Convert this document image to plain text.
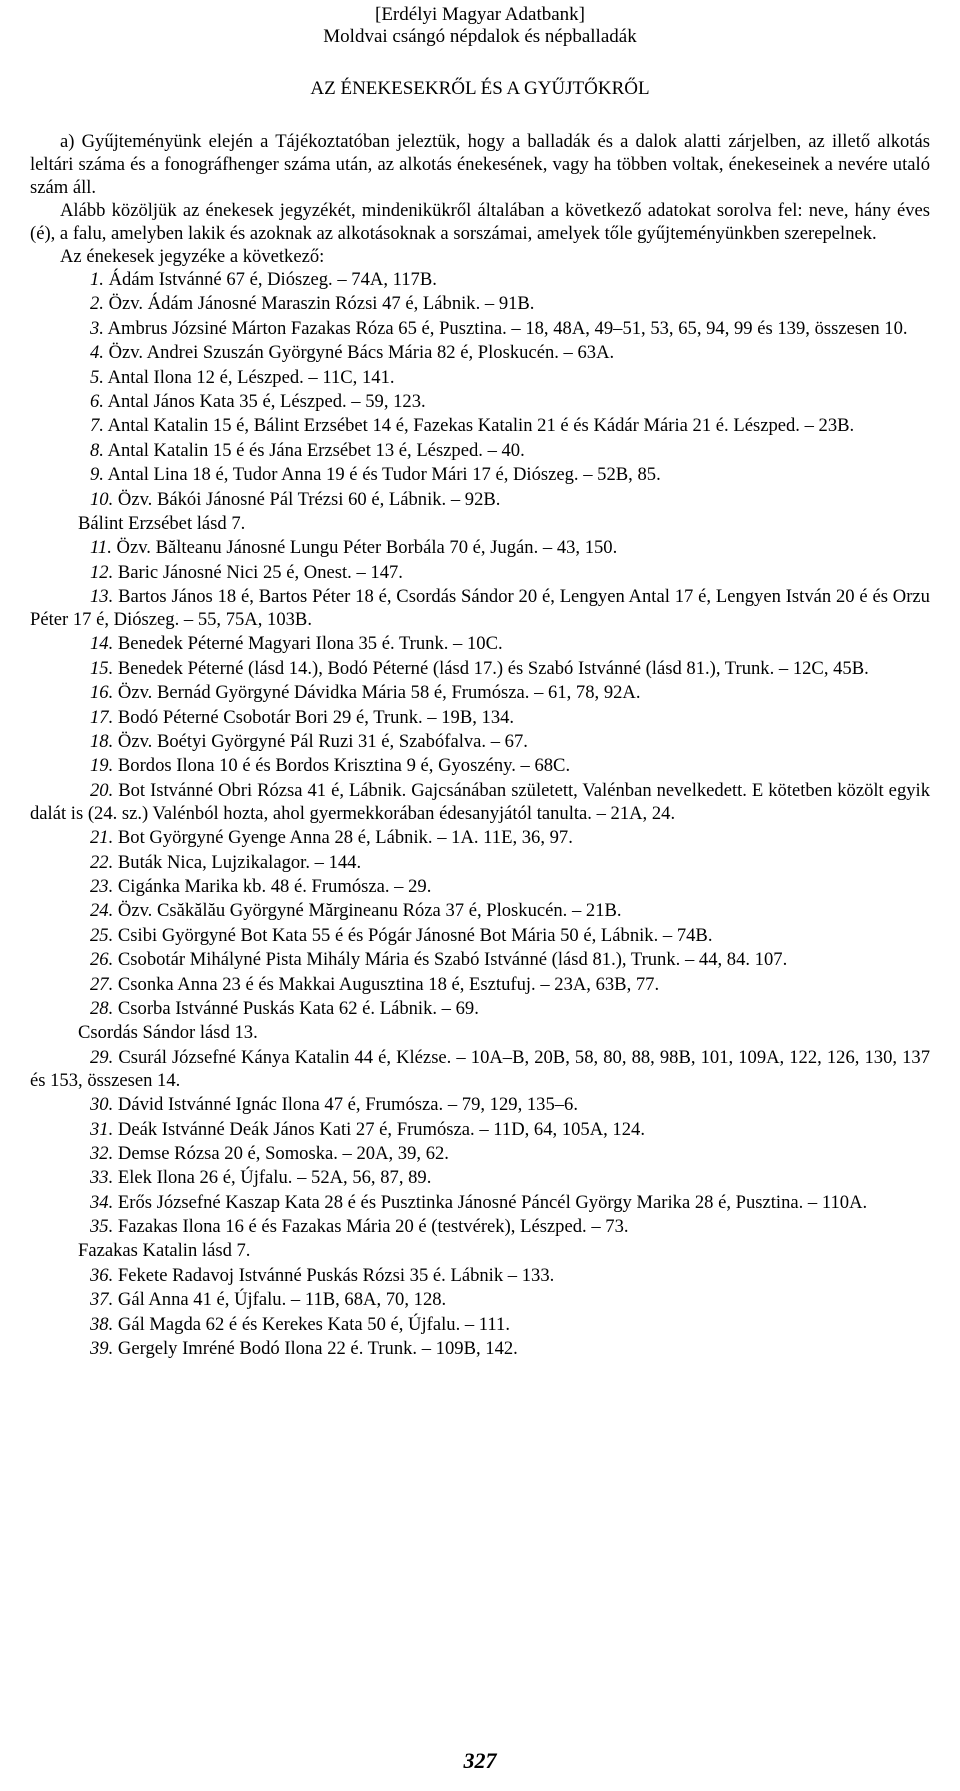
[Erdélyi Magyar Adatbank]
Moldvai csángó népdalok és népballadák
AZ ÉNEKESEKRŐL ÉS A GYŰJTŐKRŐL

a) Gyűjteményünk elején a Tájékoztatóban jeleztük, hogy a balladák és a dalok alatti zárjelben, az illető alkotás leltári száma és a fonográfhenger száma után, az alkotás énekesének, vagy ha többen voltak, énekeseinek a nevére utaló szám áll.

Alább közöljük az énekesek jegyzékét, mindenikükről általában a következő adatokat sorolva fel: neve, hány éves (é), a falu, amelyben lakik és azoknak az alkotásoknak a sorszámai, amelyek tőle gyűjteményünkben szerepelnek.

Az énekesek jegyzéke a következő:

1. Ádám Istvánné 67 é, Diószeg. – 74A, 117B.

2. Özv. Ádám Jánosné Maraszin Rózsi 47 é, Lábnik. – 91B.

3. Ambrus Józsiné Márton Fazakas Róza 65 é, Pusztina. – 18, 48A, 49–51, 53, 65, 94, 99 és 139, összesen 10.

4. Özv. Andrei Szuszán Györgyné Bács Mária 82 é, Ploskucén. – 63A.

5. Antal Ilona 12 é, Lészped. – 11C, 141.

6. Antal János Kata 35 é, Lészped. – 59, 123.

7. Antal Katalin 15 é, Bálint Erzsébet 14 é, Fazekas Katalin 21 é és Kádár Mária 21 é. Lészped. – 23B.

8. Antal Katalin 15 é és Jána Erzsébet 13 é, Lészped. – 40.

9. Antal Lina 18 é, Tudor Anna 19 é és Tudor Mári 17 é, Diószeg. – 52B, 85.

10. Özv. Bákói Jánosné Pál Trézsi 60 é, Lábnik. – 92B.

Bálint Erzsébet lásd 7.

11. Özv. Bălteanu Jánosné Lungu Péter Borbála 70 é, Jugán. – 43, 150.

12. Baric Jánosné Nici 25 é, Onest. – 147.

13. Bartos János 18 é, Bartos Péter 18 é, Csordás Sándor 20 é, Lengyen Antal 17 é, Lengyen István 20 é és Orzu Péter 17 é, Diószeg. – 55, 75A, 103B.

14. Benedek Péterné Magyari Ilona 35 é. Trunk. – 10C.

15. Benedek Péterné (lásd 14.), Bodó Péterné (lásd 17.) és Szabó Istvánné (lásd 81.), Trunk. – 12C, 45B.

16. Özv. Bernád Györgyné Dávidka Mária 58 é, Frumósza. – 61, 78, 92A.

17. Bodó Péterné Csobotár Bori 29 é, Trunk. – 19B, 134.

18. Özv. Boétyi Györgyné Pál Ruzi 31 é, Szabófalva. – 67.

19. Bordos Ilona 10 é és Bordos Krisztina 9 é, Gyoszény. – 68C.

20. Bot Istvánné Obri Rózsa 41 é, Lábnik. Gajcsánában született, Valénban nevelkedett. E kötetben közölt egyik dalát is (24. sz.) Valénból hozta, ahol gyermekkorában édesanyjától tanulta. – 21A, 24.

21. Bot Györgyné Gyenge Anna 28 é, Lábnik. – 1A. 11E, 36, 97.

22. Buták Nica, Lujzikalagor. – 144.

23. Cigánka Marika kb. 48 é. Frumósza. – 29.

24. Özv. Csăkălău Györgyné Mărgineanu Róza 37 é, Ploskucén. – 21B.

25. Csibi Györgyné Bot Kata 55 é és Pógár Jánosné Bot Mária 50 é, Lábnik. – 74B.

26. Csobotár Mihályné Pista Mihály Mária és Szabó Istvánné (lásd 81.), Trunk. – 44, 84. 107.

27. Csonka Anna 23 é és Makkai Augusztina 18 é, Esztufuj. – 23A, 63B, 77.

28. Csorba Istvánné Puskás Kata 62 é. Lábnik. – 69.

Csordás Sándor lásd 13.

29. Csurál Józsefné Kánya Katalin 44 é, Klézse. – 10A–B, 20B, 58, 80, 88, 98B, 101, 109A, 122, 126, 130, 137 és 153, összesen 14.

30. Dávid Istvánné Ignác Ilona 47 é, Frumósza. – 79, 129, 135–6.

31. Deák Istvánné Deák János Kati 27 é, Frumósza. – 11D, 64, 105A, 124.

32. Demse Rózsa 20 é, Somoska. – 20A, 39, 62.

33. Elek Ilona 26 é, Újfalu. – 52A, 56, 87, 89.

34. Erős Józsefné Kaszap Kata 28 é és Pusztinka Jánosné Páncél György Marika 28 é, Pusztina. – 110A.

35. Fazakas Ilona 16 é és Fazakas Mária 20 é (testvérek), Lészped. – 73.

Fazakas Katalin lásd 7.

36. Fekete Radavoj Istvánné Puskás Rózsi 35 é. Lábnik – 133.

37. Gál Anna 41 é, Újfalu. – 11B, 68A, 70, 128.

38. Gál Magda 62 é és Kerekes Kata 50 é, Újfalu. – 111.

39. Gergely Imréné Bodó Ilona 22 é. Trunk. – 109B, 142.

327
